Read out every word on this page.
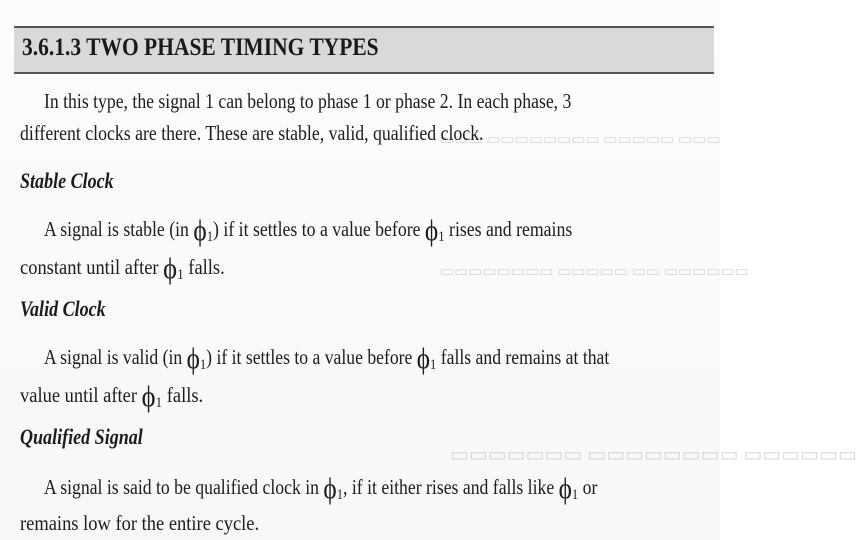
▭▭▭ ▭▭▭▭▭ ▭▭▭▭▭▭▭▭ ▭▭▭
▭▭▭▭▭▭ ▭▭ ▭▭▭▭▭ ▭▭▭▭▭▭▭▭
▭▭▭▭▭▭ ▭▭▭▭▭▭▭▭ ▭▭▭▭▭▭▭
3.6.1.3 TWO PHASE TIMING TYPES
In this type, the signal 1 can belong to phase 1 or phase 2. In each phase, 3
different clocks are there. These are stable, valid, qualified clock.
Stable Clock
A signal is stable (in $\phi_1$) if it settles to a value before $\phi_1$ rises and remains
constant until after $\phi_1$ falls.
Valid Clock
A signal is valid (in $\phi_1$) if it settles to a value before $\phi_1$ falls and remains at that
value until after $\phi_1$ falls.
Qualified Signal
A signal is said to be qualified clock in $\phi_1$, if it either rises and falls like $\phi_1$ or
remains low for the entire cycle.
